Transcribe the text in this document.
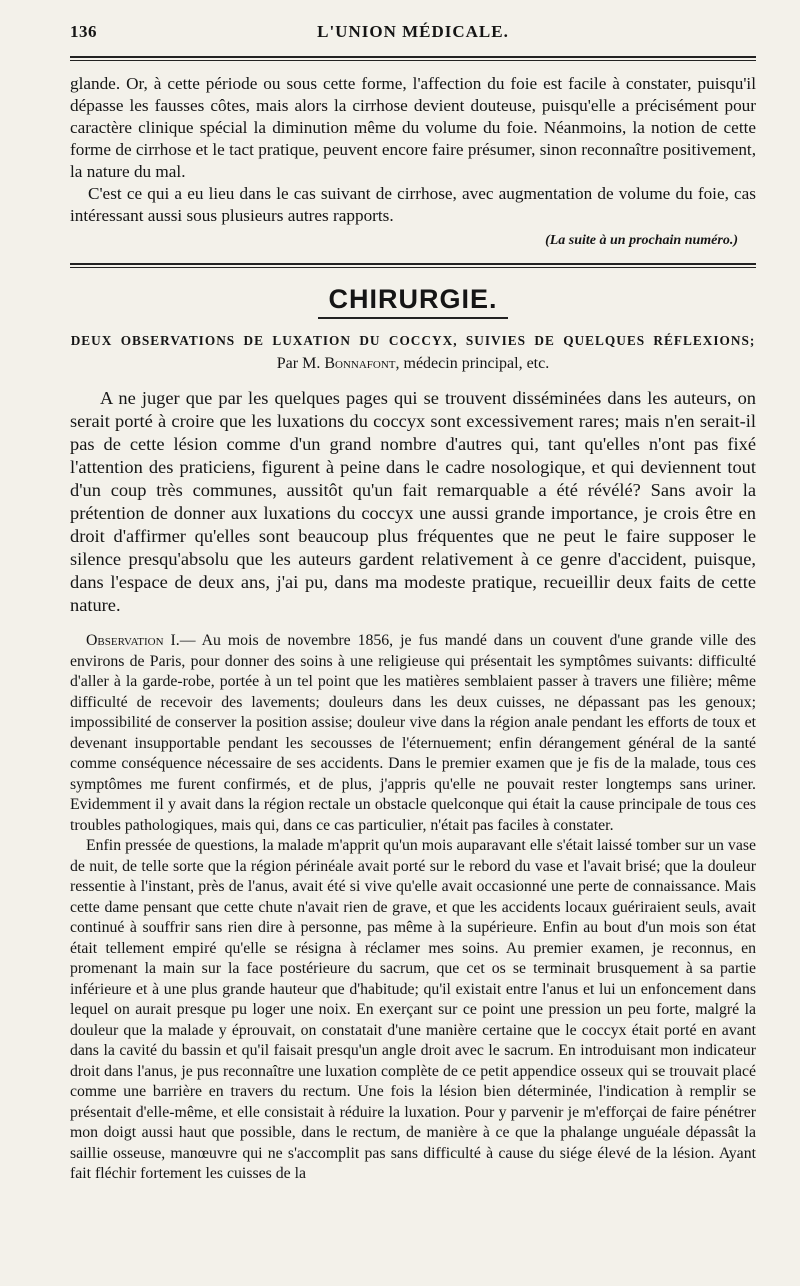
136	L'UNION MÉDICALE.

glande. Or, à cette période ou sous cette forme, l'affection du foie est facile à constater, puisqu'il dépasse les fausses côtes, mais alors la cirrhose devient douteuse, puisqu'elle a précisément pour caractère clinique spécial la diminution même du volume du foie. Néanmoins, la notion de cette forme de cirrhose et le tact pratique, peuvent encore faire présumer, sinon reconnaître positivement, la nature du mal.

C'est ce qui a eu lieu dans le cas suivant de cirrhose, avec augmentation de volume du foie, cas intéressant aussi sous plusieurs autres rapports.

(La suite à un prochain numéro.)
CHIRURGIE.
DEUX OBSERVATIONS DE LUXATION DU COCCYX, SUIVIES DE QUELQUES RÉFLEXIONS;
Par M. Bonnafont, médecin principal, etc.

A ne juger que par les quelques pages qui se trouvent disséminées dans les auteurs, on serait porté à croire que les luxations du coccyx sont excessivement rares; mais n'en serait-il pas de cette lésion comme d'un grand nombre d'autres qui, tant qu'elles n'ont pas fixé l'attention des praticiens, figurent à peine dans le cadre nosologique, et qui deviennent tout d'un coup très communes, aussitôt qu'un fait remarquable a été révélé? Sans avoir la prétention de donner aux luxations du coccyx une aussi grande importance, je crois être en droit d'affirmer qu'elles sont beaucoup plus fréquentes que ne peut le faire supposer le silence presqu'absolu que les auteurs gardent relativement à ce genre d'accident, puisque, dans l'espace de deux ans, j'ai pu, dans ma modeste pratique, recueillir deux faits de cette nature.

Observation I.— Au mois de novembre 1856, je fus mandé dans un couvent d'une grande ville des environs de Paris, pour donner des soins à une religieuse qui présentait les symptômes suivants: difficulté d'aller à la garde-robe, portée à un tel point que les matières semblaient passer à travers une filière; même difficulté de recevoir des lavements; douleurs dans les deux cuisses, ne dépassant pas les genoux; impossibilité de conserver la position assise; douleur vive dans la région anale pendant les efforts de toux et devenant insupportable pendant les secousses de l'éternuement; enfin dérangement général de la santé comme conséquence nécessaire de ses accidents. Dans le premier examen que je fis de la malade, tous ces symptômes me furent confirmés, et de plus, j'appris qu'elle ne pouvait rester longtemps sans uriner. Evidemment il y avait dans la région rectale un obstacle quelconque qui était la cause principale de tous ces troubles pathologiques, mais qui, dans ce cas particulier, n'était pas faciles à constater.

Enfin pressée de questions, la malade m'apprit qu'un mois auparavant elle s'était laissé tomber sur un vase de nuit, de telle sorte que la région périnéale avait porté sur le rebord du vase et l'avait brisé; que la douleur ressentie à l'instant, près de l'anus, avait été si vive qu'elle avait occasionné une perte de connaissance. Mais cette dame pensant que cette chute n'avait rien de grave, et que les accidents locaux guériraient seuls, avait continué à souffrir sans rien dire à personne, pas même à la supérieure. Enfin au bout d'un mois son état était tellement empiré qu'elle se résigna à réclamer mes soins. Au premier examen, je reconnus, en promenant la main sur la face postérieure du sacrum, que cet os se terminait brusquement à sa partie inférieure et à une plus grande hauteur que d'habitude; qu'il existait entre l'anus et lui un enfoncement dans lequel on aurait presque pu loger une noix. En exerçant sur ce point une pression un peu forte, malgré la douleur que la malade y éprouvait, on constatait d'une manière certaine que le coccyx était porté en avant dans la cavité du bassin et qu'il faisait presqu'un angle droit avec le sacrum. En introduisant mon indicateur droit dans l'anus, je pus reconnaître une luxation complète de ce petit appendice osseux qui se trouvait placé comme une barrière en travers du rectum. Une fois la lésion bien déterminée, l'indication à remplir se présentait d'elle-même, et elle consistait à réduire la luxation. Pour y parvenir je m'efforçai de faire pénétrer mon doigt aussi haut que possible, dans le rectum, de manière à ce que la phalange unguéale dépassât la saillie osseuse, manœuvre qui ne s'accomplit pas sans difficulté à cause du siége élevé de la lésion. Ayant fait fléchir fortement les cuisses de la
